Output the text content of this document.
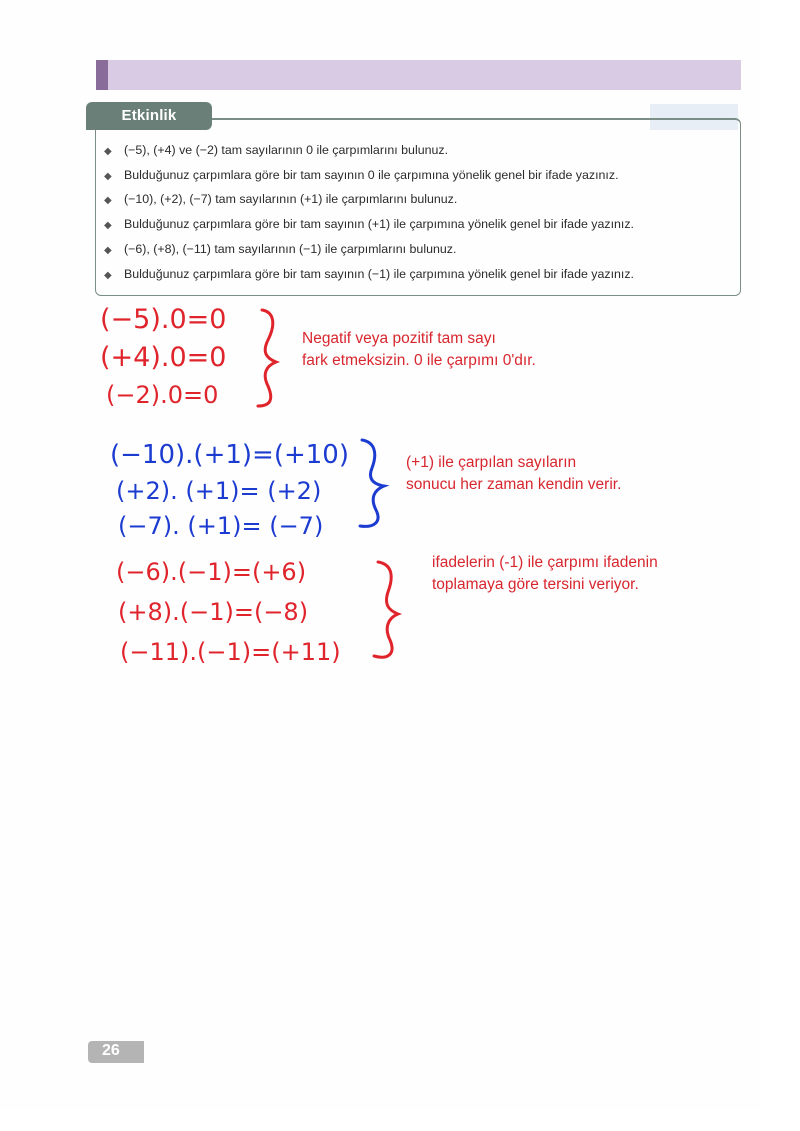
Etkinlik
◆ (−5), (+4) ve (−2) tam sayılarının 0 ile çarpımlarını bulunuz.
◆ Bulduğunuz çarpımlara göre bir tam sayının 0 ile çarpımına yönelik genel bir ifade yazınız.
◆ (−10), (+2), (−7) tam sayılarının (+1) ile çarpımlarını bulunuz.
◆ Bulduğunuz çarpımlara göre bir tam sayının (+1) ile çarpımına yönelik genel bir ifade yazınız.
◆ (−6), (+8), (−11) tam sayılarının (−1) ile çarpımlarını bulunuz.
◆ Bulduğunuz çarpımlara göre bir tam sayının (−1) ile çarpımına yönelik genel bir ifade yazınız.
(−5).0=0
(+4).0=0
(−2).0=0
Negatif veya pozitif tam sayı
fark etmeksizin. 0 ile çarpımı 0'dır.
(−10).(+1)=(+10)
(+2). (+1)= (+2)
(−7). (+1)= (−7)
(+1) ile çarpılan sayıların
sonucu her zaman kendin verir.
(−6).(−1)=(+6)
(+8).(−1)=(−8)
(−11).(−1)=(+11)
ifadelerin (-1) ile çarpımı ifadenin
toplamaya göre tersini veriyor.
26
